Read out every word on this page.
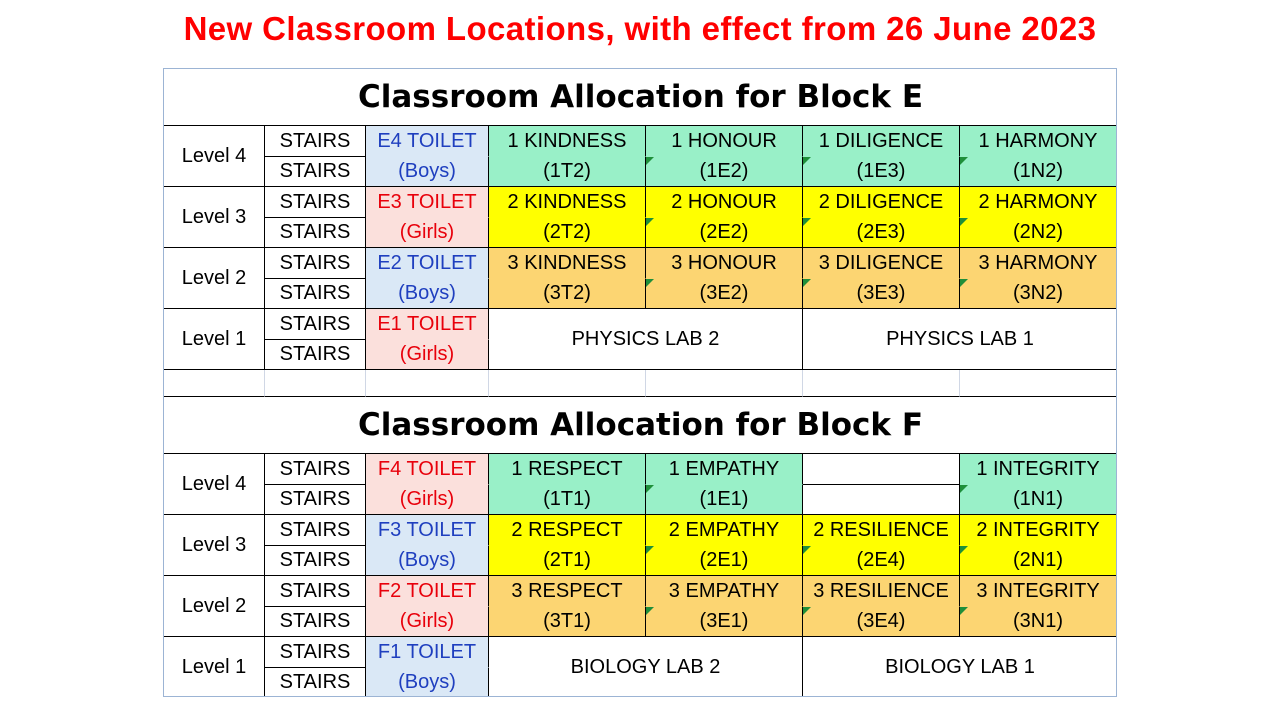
New Classroom Locations, with effect from 26 June 2023
Classroom Allocation for Block E
Level 4
STAIRS
STAIRS
E4 TOILET
(Boys)
1 KINDNESS
(1T2)
1 HONOUR
(1E2)
1 DILIGENCE
(1E3)
1 HARMONY
(1N2)
Level 3
STAIRS
STAIRS
E3 TOILET
(Girls)
2 KINDNESS
(2T2)
2 HONOUR
(2E2)
2 DILIGENCE
(2E3)
2 HARMONY
(2N2)
Level 2
STAIRS
STAIRS
E2 TOILET
(Boys)
3 KINDNESS
(3T2)
3 HONOUR
(3E2)
3 DILIGENCE
(3E3)
3 HARMONY
(3N2)
Level 1
STAIRS
STAIRS
E1 TOILET
(Girls)
PHYSICS LAB 2	PHYSICS LAB 1
Classroom Allocation for Block F
Level 4
STAIRS
STAIRS
F4 TOILET
(Girls)
1 RESPECT
(1T1)
1 EMPATHY
(1E1)
1 INTEGRITY
(1N1)
Level 3
STAIRS
STAIRS
F3 TOILET
(Boys)
2 RESPECT
(2T1)
2 EMPATHY
(2E1)
2 RESILIENCE
(2E4)
2 INTEGRITY
(2N1)
Level 2
STAIRS
STAIRS
F2 TOILET
(Girls)
3 RESPECT
(3T1)
3 EMPATHY
(3E1)
3 RESILIENCE
(3E4)
3 INTEGRITY
(3N1)
Level 1
STAIRS
STAIRS
F1 TOILET
(Boys)
BIOLOGY LAB 2	BIOLOGY LAB 1
